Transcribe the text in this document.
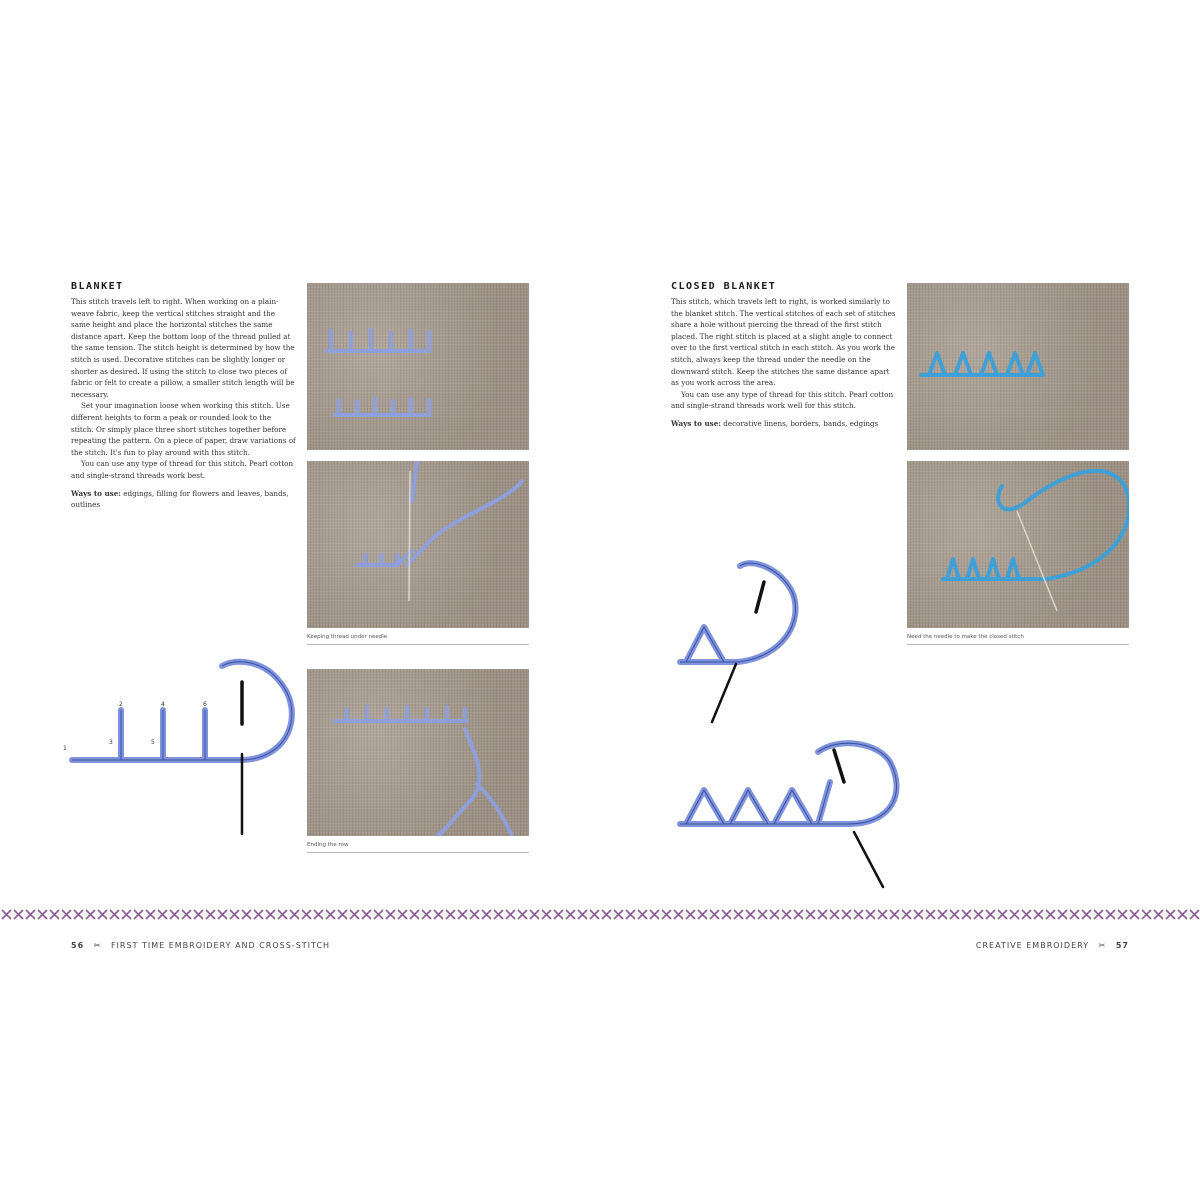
BLANKET

This stitch travels left to right. When working on a plain-weave fabric, keep the vertical stitches straight and the same height and place the horizontal stitches the same distance apart. Keep the bottom loop of the thread pulled at the same tension. The stitch height is determined by how the stitch is used. Decorative stitches can be slightly longer or shorter as desired. If using the stitch to close two pieces of fabric or felt to create a pillow, a smaller stitch length will be necessary.

Set your imagination loose when working this stitch. Use different heights to form a peak or rounded look to the stitch. Or simply place three short stitches together before repeating the pattern. On a piece of paper, draw variations of the stitch. It's fun to play around with this stitch.

You can use any type of thread for this stitch. Pearl cotton and single-strand threads work best.

Ways to use: edgings, filling for flowers and leaves, bands, outlines

Keeping thread under needle
Ending the row
2	4	6
1
3	5
CLOSED BLANKET

This stitch, which travels left to right, is worked similarly to the blanket stitch. The vertical stitches of each set of stitches share a hole without piercing the thread of the first stitch placed. The right stitch is placed at a slight angle to connect over to the first vertical stitch in each stitch. As you work the stitch, always keep the thread under the needle on the downward stitch. Keep the stitches the same distance apart as you work across the area.

You can use any type of thread for this stitch. Pearl cotton and single-strand threads work well for this stitch.

Ways to use: decorative linens, borders, bands, edgings

Need the needle to make the closed stitch
56 ✂ FIRST TIME EMBROIDERY AND CROSS-STITCH	CREATIVE EMBROIDERY ✂ 57
